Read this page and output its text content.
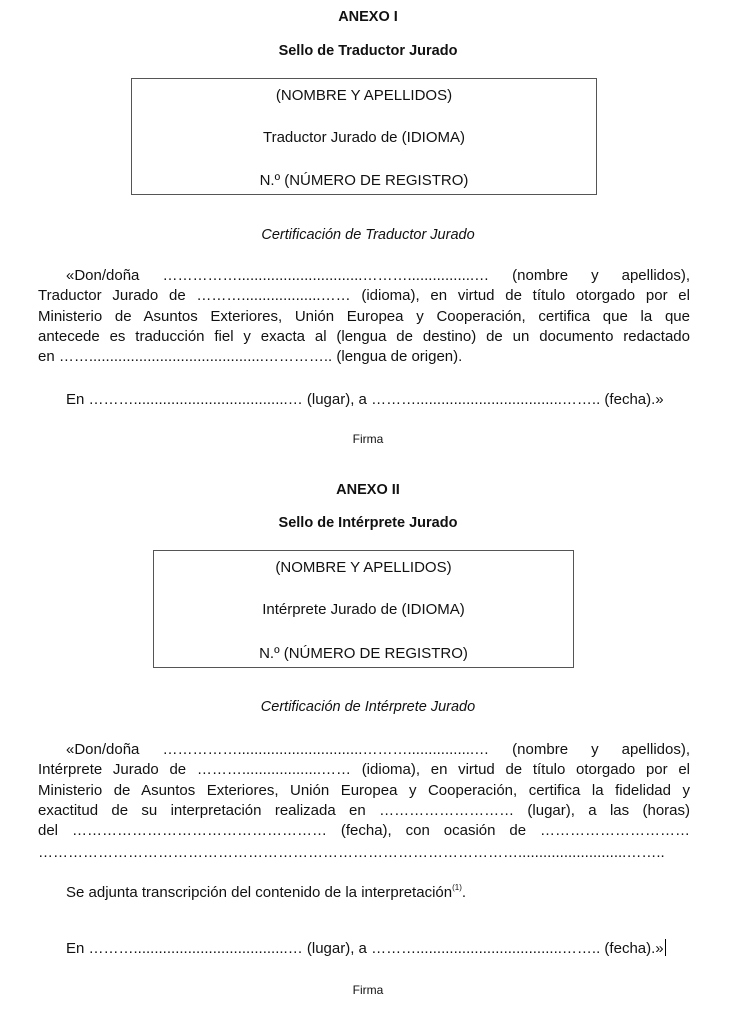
ANEXO I
Sello de Traductor Jurado
(NOMBRE Y APELLIDOS)
Traductor Jurado de (IDIOMA)
N.º (NÚMERO DE REGISTRO)
Certificación de Traductor Jurado
«Don/doña ……………..............................………................… (nombre y apellidos),
Traductor Jurado de ………...................…… (idioma), en virtud de título otorgado por el
Ministerio de Asuntos Exteriores, Unión Europea y Cooperación, certifica que la que
antecede es traducción fiel y exacta al (lengua de destino) de un documento redactado
en ……..........................................………….. (lengua de origen).
En ……….....................................… (lugar), a ………...................................…….. (fecha).»
Firma
ANEXO II
Sello de Intérprete Jurado
(NOMBRE Y APELLIDOS)
Intérprete Jurado de (IDIOMA)
N.º (NÚMERO DE REGISTRO)
Certificación de Intérprete Jurado
«Don/doña ……………..............................………................… (nombre y apellidos),
Intérprete Jurado de ………...................…… (idioma), en virtud de título otorgado por el
Ministerio de Asuntos Exteriores, Unión Europea y Cooperación, certifica la fidelidad y
exactitud de su interpretación realizada en ……………………… (lugar), a las (horas)
del …………………………………………… (fecha), con ocasión de …………………………
……………………………………………………………………………………..........................……..
Se adjunta transcripción del contenido de la interpretación$^{(1)}$.
En ……….....................................… (lugar), a ………...................................…….. (fecha).»
Firma
